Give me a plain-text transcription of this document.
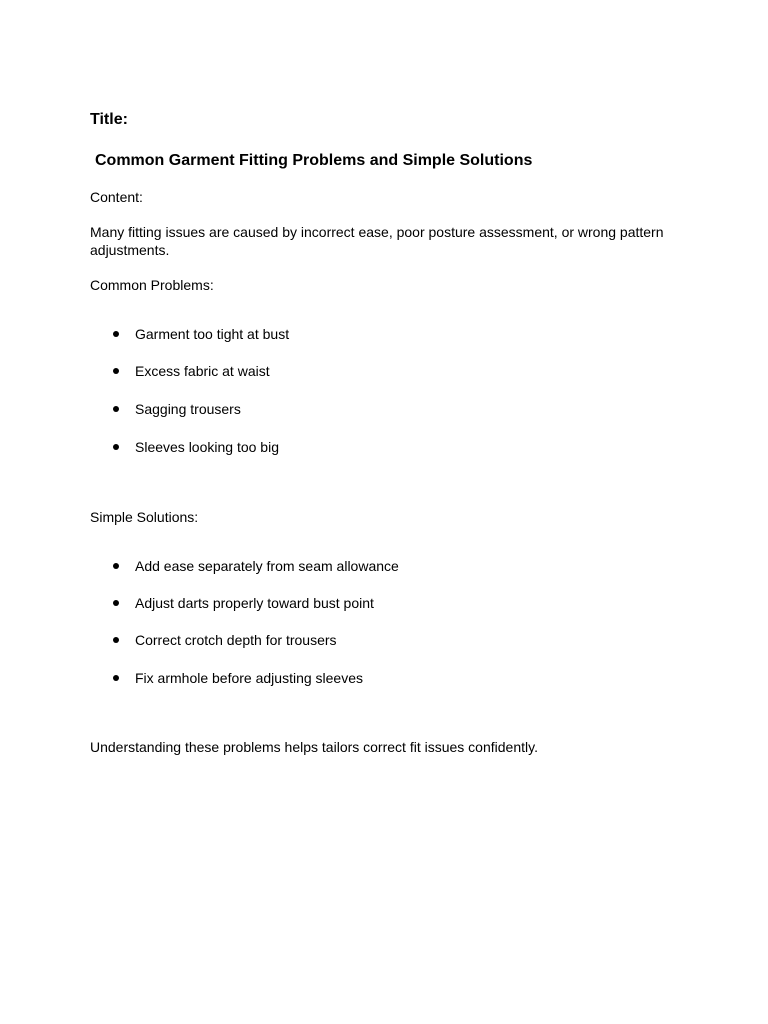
Title:
Common Garment Fitting Problems and Simple Solutions
Content:
Many fitting issues are caused by incorrect ease, poor posture assessment, or wrong pattern adjustments.
Common Problems:
Garment too tight at bust
Excess fabric at waist
Sagging trousers
Sleeves looking too big
Simple Solutions:
Add ease separately from seam allowance
Adjust darts properly toward bust point
Correct crotch depth for trousers
Fix armhole before adjusting sleeves
Understanding these problems helps tailors correct fit issues confidently.
